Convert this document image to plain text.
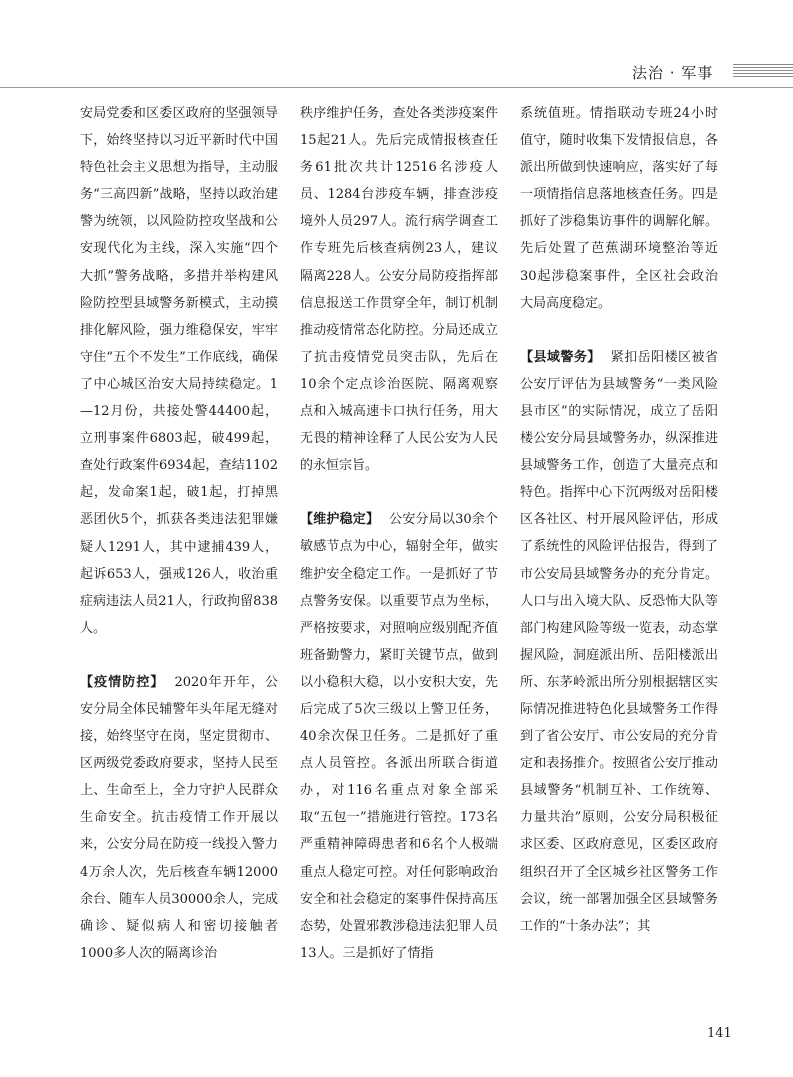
法治 · 军事

安局党委和区委区政府的坚强领导下，始终坚持以习近平新时代中国特色社会主义思想为指导，主动服务“三高四新”战略，坚持以政治建警为统领，以风险防控攻坚战和公安现代化为主线，深入实施“四个大抓”警务战略，多措并举构建风险防控型县域警务新模式，主动摸排化解风险，强力维稳保安，牢牢守住“五个不发生”工作底线，确保了中心城区治安大局持续稳定。1—12月份，共接处警44400起，立刑事案件6803起，破499起，查处行政案件6934起，查结1102起，发命案1起，破1起，打掉黑恶团伙5个，抓获各类违法犯罪嫌疑人1291人，其中逮捕439人，起诉653人，强戒126人，收治重症病违法人员21人，行政拘留838人。

【疫情防控】 2020年开年，公安分局全体民辅警年头年尾无缝对接，始终坚守在岗，坚定贯彻市、区两级党委政府要求，坚持人民至上、生命至上，全力守护人民群众生命安全。抗击疫情工作开展以来，公安分局在防疫一线投入警力4万余人次，先后核查车辆12000余台、随车人员30000余人，完成确诊、疑似病人和密切接触者1000多人次的隔离诊治

秩序维护任务，查处各类涉疫案件15起21人。先后完成情报核查任务61批次共计12516名涉疫人员、1284台涉疫车辆，排查涉疫境外人员297人。流行病学调查工作专班先后核查病例23人，建议隔离228人。公安分局防疫指挥部信息报送工作贯穿全年，制订机制推动疫情常态化防控。分局还成立了抗击疫情党员突击队，先后在10余个定点诊治医院、隔离观察点和入城高速卡口执行任务，用大无畏的精神诠释了人民公安为人民的永恒宗旨。

【维护稳定】 公安分局以30余个敏感节点为中心，辐射全年，做实维护安全稳定工作。一是抓好了节点警务安保。以重要节点为坐标，严格按要求，对照响应级别配齐值班备勤警力，紧盯关键节点，做到以小稳积大稳，以小安积大安，先后完成了5次三级以上警卫任务，40余次保卫任务。二是抓好了重点人员管控。各派出所联合街道办，对116名重点对象全部采取“五包一”措施进行管控。173名严重精神障碍患者和6名个人极端重点人稳定可控。对任何影响政治安全和社会稳定的案事件保持高压态势，处置邪教涉稳违法犯罪人员13人。三是抓好了情指

系统值班。情指联动专班24小时值守，随时收集下发情报信息，各派出所做到快速响应，落实好了每一项情指信息落地核查任务。四是抓好了涉稳集访事件的调解化解。先后处置了芭蕉湖环境整治等近30起涉稳案事件，全区社会政治大局高度稳定。

【县域警务】 紧扣岳阳楼区被省公安厅评估为县域警务“一类风险县市区”的实际情况，成立了岳阳楼公安分局县域警务办，纵深推进县域警务工作，创造了大量亮点和特色。指挥中心下沉两级对岳阳楼区各社区、村开展风险评估，形成了系统性的风险评估报告，得到了市公安局县域警务办的充分肯定。人口与出入境大队、反恐怖大队等部门构建风险等级一览表，动态掌握风险，洞庭派出所、岳阳楼派出所、东茅岭派出所分别根据辖区实际情况推进特色化县域警务工作得到了省公安厅、市公安局的充分肯定和表扬推介。按照省公安厅推动县域警务“机制互补、工作统筹、力量共治”原则，公安分局积极征求区委、区政府意见，区委区政府组织召开了全区城乡社区警务工作会议，统一部署加强全区县域警务工作的“十条办法”；其

141
